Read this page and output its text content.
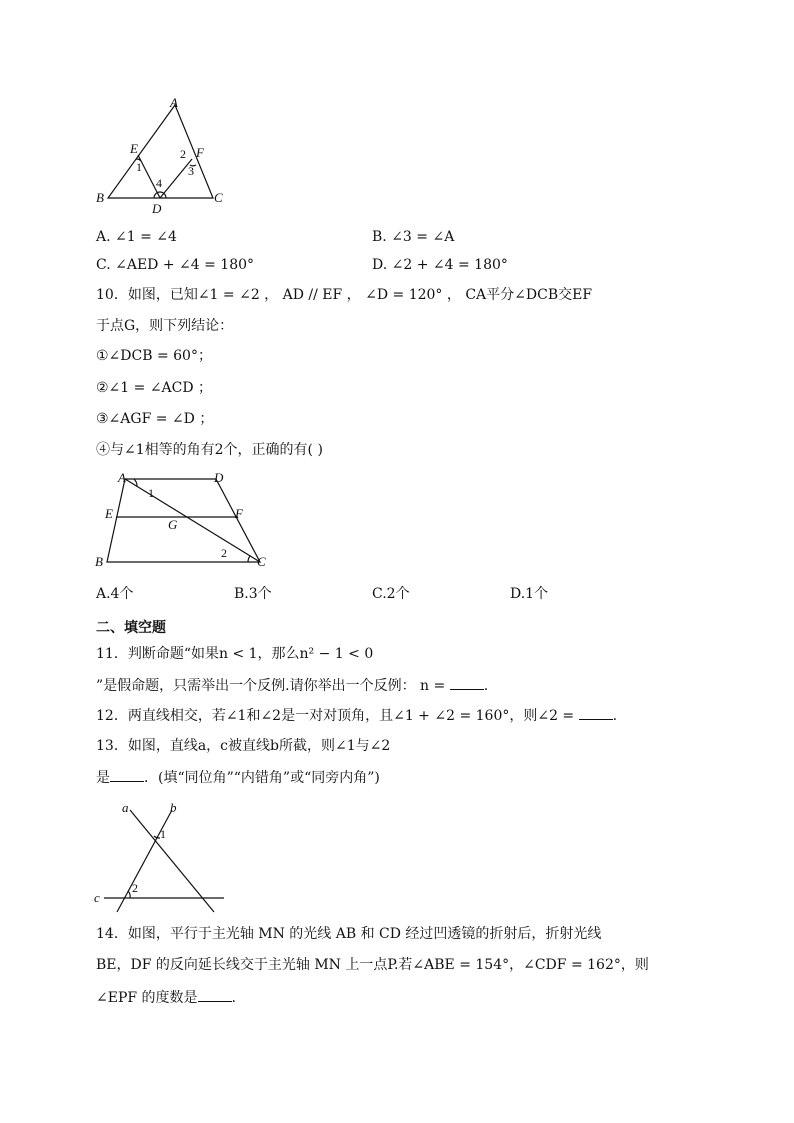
A
B	C
D
E	F
1
2
3
4
A. ∠1 = ∠4	B. ∠3 = ∠A
C. ∠AED + ∠4 = 180°	D. ∠2 + ∠4 = 180°
10．如图，已知∠1 = ∠2 ， AD // EF ， ∠D = 120° ， CA平分∠DCB交EF
于点G，则下列结论：
①∠DCB = 60°；
②∠1 = ∠ACD ；
③∠AGF = ∠D ；
④与∠1相等的角有2个，正确的有( )
A	D
E	F
G
B	C
1
2
A.4个	B.3个	C.2个	D.1个
二、填空题
11．判断命题“如果n < 1，那么n² − 1 < 0
”是假命题，只需举出一个反例.请你举出一个反例： n = .
12．两直线相交，若∠1和∠2是一对对顶角，且∠1 + ∠2 = 160°，则∠2 = .
13．如图，直线a，c被直线b所截，则∠1与∠2
是 ．(填“同位角”“内错角”或“同旁内角”)
a	b
c
1
2
14．如图，平行于主光轴 MN 的光线 AB 和 CD 经过凹透镜的折射后，折射光线
BE，DF 的反向延长线交于主光轴 MN 上一点P.若∠ABE = 154°，∠CDF = 162°，则
∠EPF 的度数是 .
